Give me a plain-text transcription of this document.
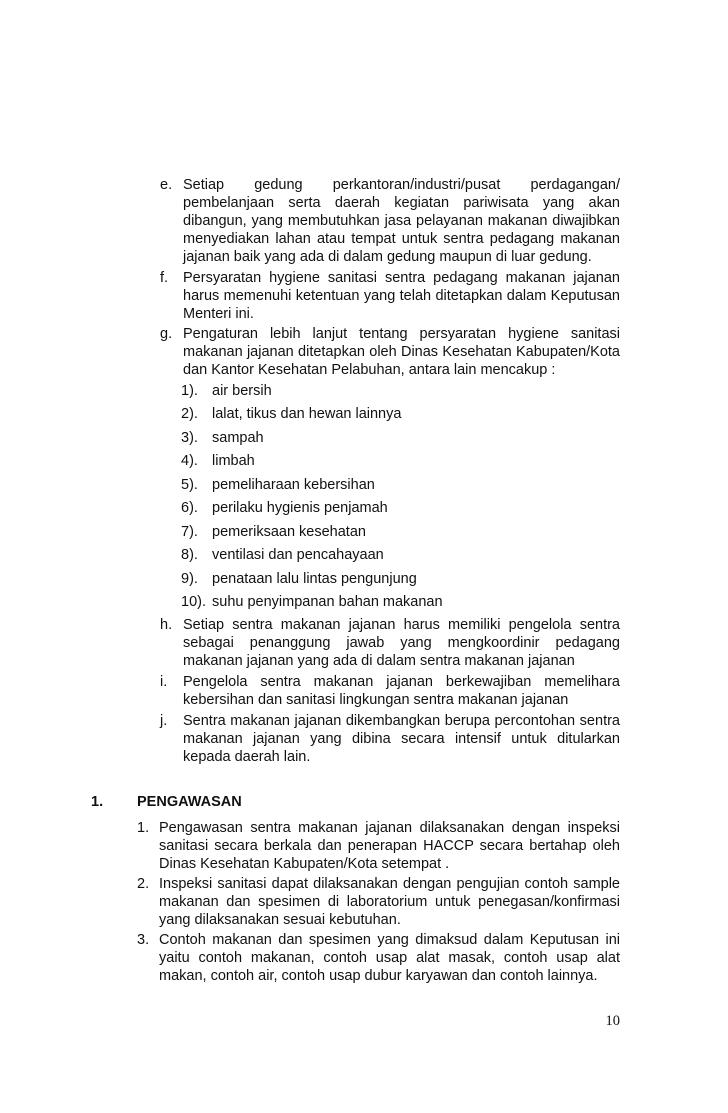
e. Setiap gedung perkantoran/industri/pusat perdagangan/ pembelanjaan serta daerah kegiatan pariwisata yang akan dibangun, yang membutuhkan jasa pelayanan makanan diwajibkan menyediakan lahan atau tempat untuk sentra pedagang makanan jajanan baik yang ada di dalam gedung maupun di luar gedung.
f.	Persyaratan hygiene sanitasi sentra pedagang makanan jajanan harus memenuhi ketentuan yang telah ditetapkan dalam Keputusan Menteri ini.
g. Pengaturan lebih lanjut tentang persyaratan hygiene sanitasi makanan jajanan ditetapkan oleh Dinas Kesehatan Kabupaten/Kota dan Kantor Kesehatan Pelabuhan, antara lain mencakup :
1). air bersih
2). lalat, tikus dan hewan lainnya
3). sampah
4). limbah
5). pemeliharaan kebersihan
6). perilaku hygienis penjamah
7). pemeriksaan kesehatan
8). ventilasi dan pencahayaan
9). penataan lalu lintas pengunjung
10). suhu penyimpanan bahan makanan
h. Setiap sentra makanan jajanan harus memiliki pengelola sentra sebagai penanggung jawab yang mengkoordinir pedagang makanan jajanan yang ada di dalam sentra makanan jajanan
i.	Pengelola sentra makanan jajanan berkewajiban memelihara kebersihan dan sanitasi lingkungan sentra makanan jajanan
j.	Sentra makanan jajanan dikembangkan berupa percontohan sentra makanan jajanan yang dibina secara intensif untuk ditularkan kepada daerah lain.
1.	PENGAWASAN
1. Pengawasan sentra makanan jajanan dilaksanakan dengan inspeksi sanitasi secara berkala dan penerapan HACCP secara bertahap oleh Dinas Kesehatan Kabupaten/Kota setempat .
2. Inspeksi sanitasi dapat dilaksanakan dengan pengujian contoh sample makanan dan spesimen di laboratorium untuk penegasan/konfirmasi yang dilaksanakan sesuai kebutuhan.
3. Contoh makanan dan spesimen yang dimaksud dalam Keputusan ini yaitu contoh makanan, contoh usap alat masak, contoh usap alat makan, contoh air, contoh usap dubur karyawan dan contoh lainnya.
10
